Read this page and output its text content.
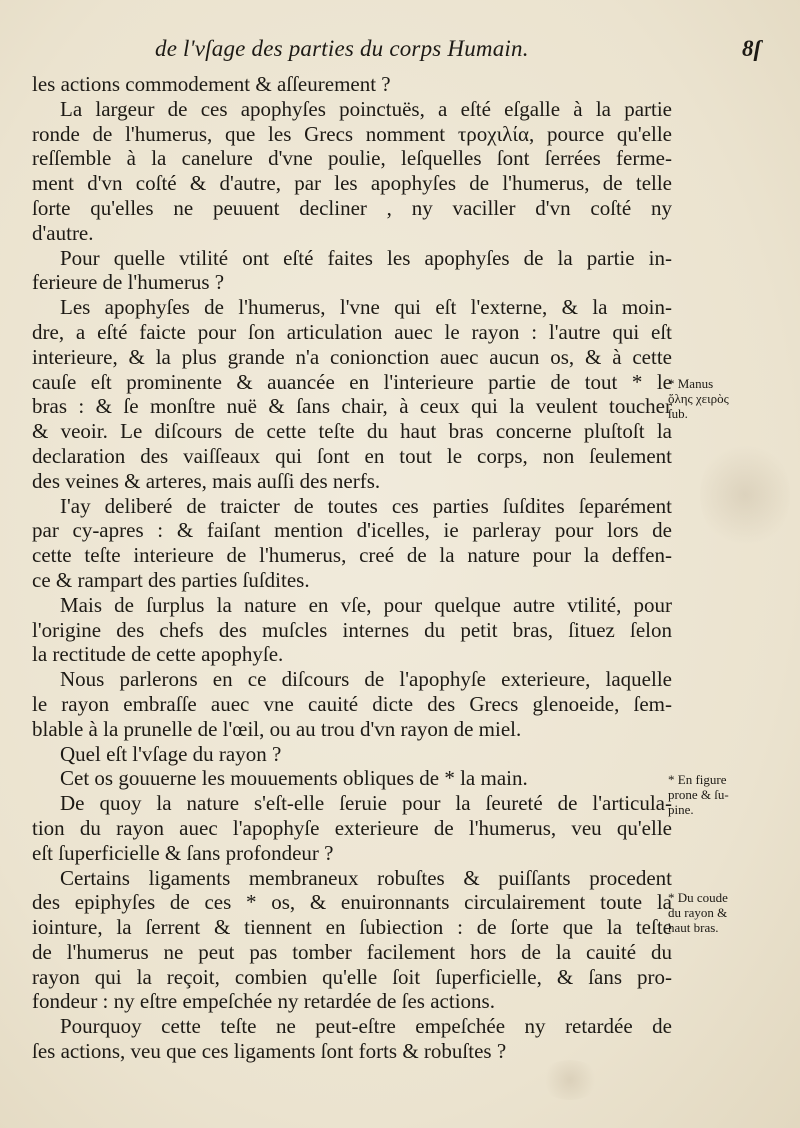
de l'vſage des parties du corps Humain.	8ſ
les actions commodement & aſſeurement ?
La largeur de ces apophyſes poinctuës, a eſté eſgalle à la partie
ronde de l'humerus, que les Grecs nomment τροχιλία, pource qu'elle
reſſemble à la canelure d'vne poulie, leſquelles ſont ſerrées ferme-
ment d'vn coſté & d'autre, par les apophyſes de l'humerus, de telle
ſorte qu'elles ne peuuent decliner , ny vaciller d'vn coſté ny
d'autre.
Pour quelle vtilité ont eſté faites les apophyſes de la partie in-
ferieure de l'humerus ?
Les apophyſes de l'humerus, l'vne qui eſt l'externe, & la moin-
dre, a eſté faicte pour ſon articulation auec le rayon : l'autre qui eſt
interieure, & la plus grande n'a conionction auec aucun os, & à cette
cauſe eſt prominente & auancée en l'interieure partie de tout * le
bras : & ſe monſtre nuë & ſans chair, à ceux qui la veulent toucher
& veoir. Le diſcours de cette teſte du haut bras concerne pluſtoſt la
declaration des vaiſſeaux qui ſont en tout le corps, non ſeulement
des veines & arteres, mais auſſi des nerfs.
I'ay deliberé de traicter de toutes ces parties ſuſdites ſeparément
par cy-apres : & faiſant mention d'icelles, ie parleray pour lors de
cette teſte interieure de l'humerus, creé de la nature pour la deffen-
ce & rampart des parties ſuſdites.
Mais de ſurplus la nature en vſe, pour quelque autre vtilité, pour
l'origine des chefs des muſcles internes du petit bras, ſituez ſelon
la rectitude de cette apophyſe.
Nous parlerons en ce diſcours de l'apophyſe exterieure, laquelle
le rayon embraſſe auec vne cauité dicte des Grecs glenoeide, ſem-
blable à la prunelle de l'œil, ou au trou d'vn rayon de miel.
Quel eſt l'vſage du rayon ?
Cet os gouuerne les mouuements obliques de * la main.
De quoy la nature s'eſt-elle ſeruie pour la ſeureté de l'articula-
tion du rayon auec l'apophyſe exterieure de l'humerus, veu qu'elle
eſt ſuperficielle & ſans profondeur ?
Certains ligaments membraneux robuſtes & puiſſants procedent
des epiphyſes de ces * os, & enuironnants circulairement toute la
iointure, la ſerrent & tiennent en ſubiection : de ſorte que la teſte
de l'humerus ne peut pas tomber facilement hors de la cauité du
rayon qui la reçoit, combien qu'elle ſoit ſuperficielle, & ſans pro-
fondeur : ny eſtre empeſchée ny retardée de ſes actions.
Pourquoy cette teſte ne peut-eſtre empeſchée ny retardée de
ſes actions, veu que ces ligaments ſont forts & robuſtes ?
* Manus
ὅλης χειρὸς
ſub.
* En figure
prone & ſu-
pine.
* Du coude
du rayon &
haut bras.
